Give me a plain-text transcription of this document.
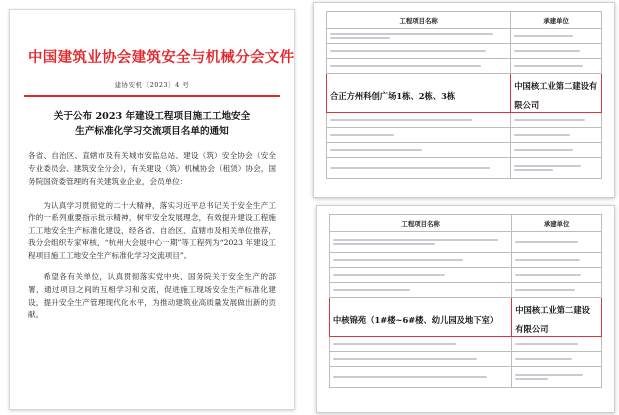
中国建筑业协会建筑安全与机械分会文件
建协安机〔2023〕4 号
关于公布 2023 年建设工程项目施工工地安全
生产标准化学习交流项目名单的通知
各省、自治区、直辖市及有关城市安监总站、建设（筑）安全协会（安全专业委员会、建筑安全分会），有关建设（筑）机械协会（租赁）协会，国务院国资委管理的有关建筑业企业，会员单位：
为认真学习贯彻党的二十大精神，落实习近平总书记关于安全生产工作的一系列重要指示批示精神，树牢安全发展理念，有效提升建设工程施工工地安全生产标准化建设，经各省、自治区、直辖市及相关单位推荐，我分会组织专家审核，“杭州大会展中心一期”等工程列为“2023 年建设工程项目施工工地安全生产标准化学习交流项目”。
希望各有关单位，认真贯彻落实党中央、国务院关于安全生产的部署，通过项目之间的互相学习和交流，促进施工现场安全生产标准化建设，提升安全生产管理现代化水平，为推动建筑业高质量发展做出新的贡献。
工程项目名称	承建单位

合正方州科创广场1栋、2栋、3栋	中国核工业第二建设有限公司

工程项目名称	承建单位

中核锦苑（1#楼~6#楼、幼儿园及地下室）	中国核工业第二建设有限公司
